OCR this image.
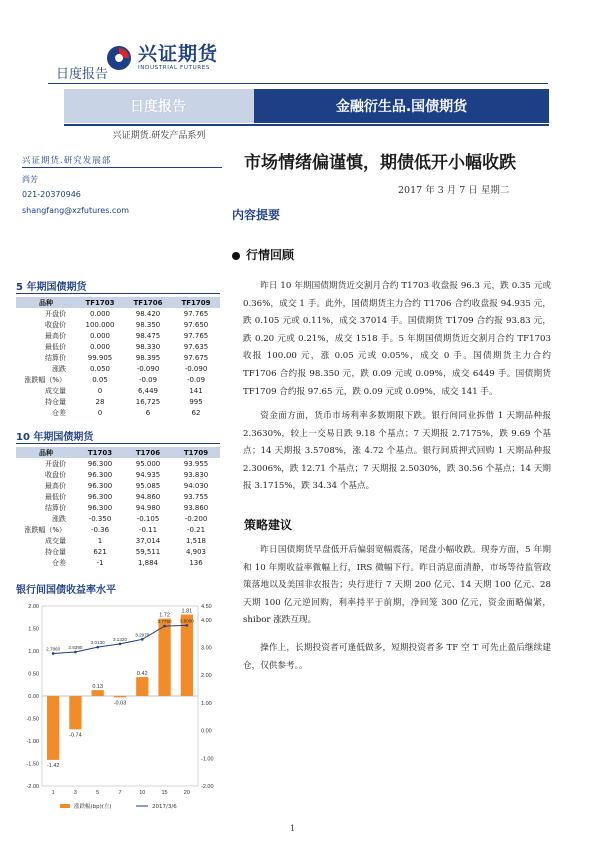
兴证期货
INDUSTRIAL FUTURES
日度报告
日度报告	金融衍生品.国债期货
兴证期货.研发产品系列
兴证期货.研究发展部
尚芳
021-20370946
shangfang@xzfutures.com
市场情绪偏谨慎，期债低开小幅收跌
2017 年 3 月 7 日 星期二
内容提要
行情回顾

昨日 10 年期国债期货近交割月合约 T1703 收盘报 96.3 元，跌 0.35 元或 0.36%，成交 1 手。此外，国债期货主力合约 T1706 合约收盘报 94.935 元，跌 0.105 元或 0.11%，成交 37014 手。国债期货 T1709 合约报 93.83 元，跌 0.20 元或 0.21%，成交 1518 手。5 年期国债期货近交割月合约 TF1703 收报 100.00 元，涨 0.05 元或 0.05%，成交 0 手。国债期货主力合约 TF1706 合约报 98.350 元，跌 0.09 元或 0.09%，成交 6449 手。国债期货 TF1709 合约报 97.65 元，跌 0.09 元或 0.09%，成交 141 手。

资金面方面，货币市场利率多数期限下跌。银行间同业拆借 1 天期品种报 2.3630%，较上一交易日跌 9.18 个基点；7 天期报 2.7175%，跌 9.69 个基点；14 天期报 3.5708%，涨 4.72 个基点。银行间质押式回购 1 天期品种报 2.3006%，跌 12.71 个基点；7 天期报 2.5030%，跌 30.56 个基点；14 天期报 3.1715%，跌 34.34 个基点。

策略建议

昨日国债期货早盘低开后偏弱宽幅震荡，尾盘小幅收跌。现券方面，5 年期和 10 年期收益率微幅上行，IRS 微幅下行。昨日消息面清静，市场等待监管政策落地以及美国非农报告；央行进行 7 天期 200 亿元、14 天期 100 亿元、28 天期 100 亿元逆回购，利率持平于前期，净回笼 300 亿元，资金面略偏紧，shibor 涨跌互现。

操作上，长期投资者可逢低做多，短期投资者多 TF 空 T 可先止盈后继续建仓，仅供参考。。

5 年期国债期货
品种	TF1703	TF1706	TF1709
开盘价	0.000	98.420	97.765
收盘价	100.000	98.350	97.650
最高价	0.000	98.475	97.765
最低价	0.000	98.330	97.635
结算价	99.905	98.395	97.675
涨跌	0.050	-0.090	-0.090
涨跌幅（%）	0.05	-0.09	-0.09
成交量	0	6,449	141
持仓量	28	16,725	995
仓差	0	6	62
10 年期国债期货
品种	T1703	T1706	T1709
开盘价	96.300	95.000	93.955
收盘价	96.300	94.935	93.830
最高价	96.300	95.085	94.030
最低价	96.300	94.860	93.755
结算价	96.300	94.980	93.860
涨跌	-0.350	-0.105	-0.200
涨跌幅（%）	-0.36	-0.11	-0.21
成交量	1	37,014	1,518
持仓量	621	59,511	4,903
仓差	-1	1,884	136
银行间国债收益率水平
2.00
1.50
1.00
0.50
0.00
-0.50
-1.00
-1.50
-2.00
4.50
4.00
3.00
2.00
1.00
0.00
-1.00
-2.00
1	3	5	7	10	15	20
-1.42
-0.74
0.13
-0.03
0.42
1.72
1.81
2.7860 2.8390
3.0130
3.1320
3.2970
3.7750 3.8000
涨跌幅(bp)(左)	2017/3/6
1
